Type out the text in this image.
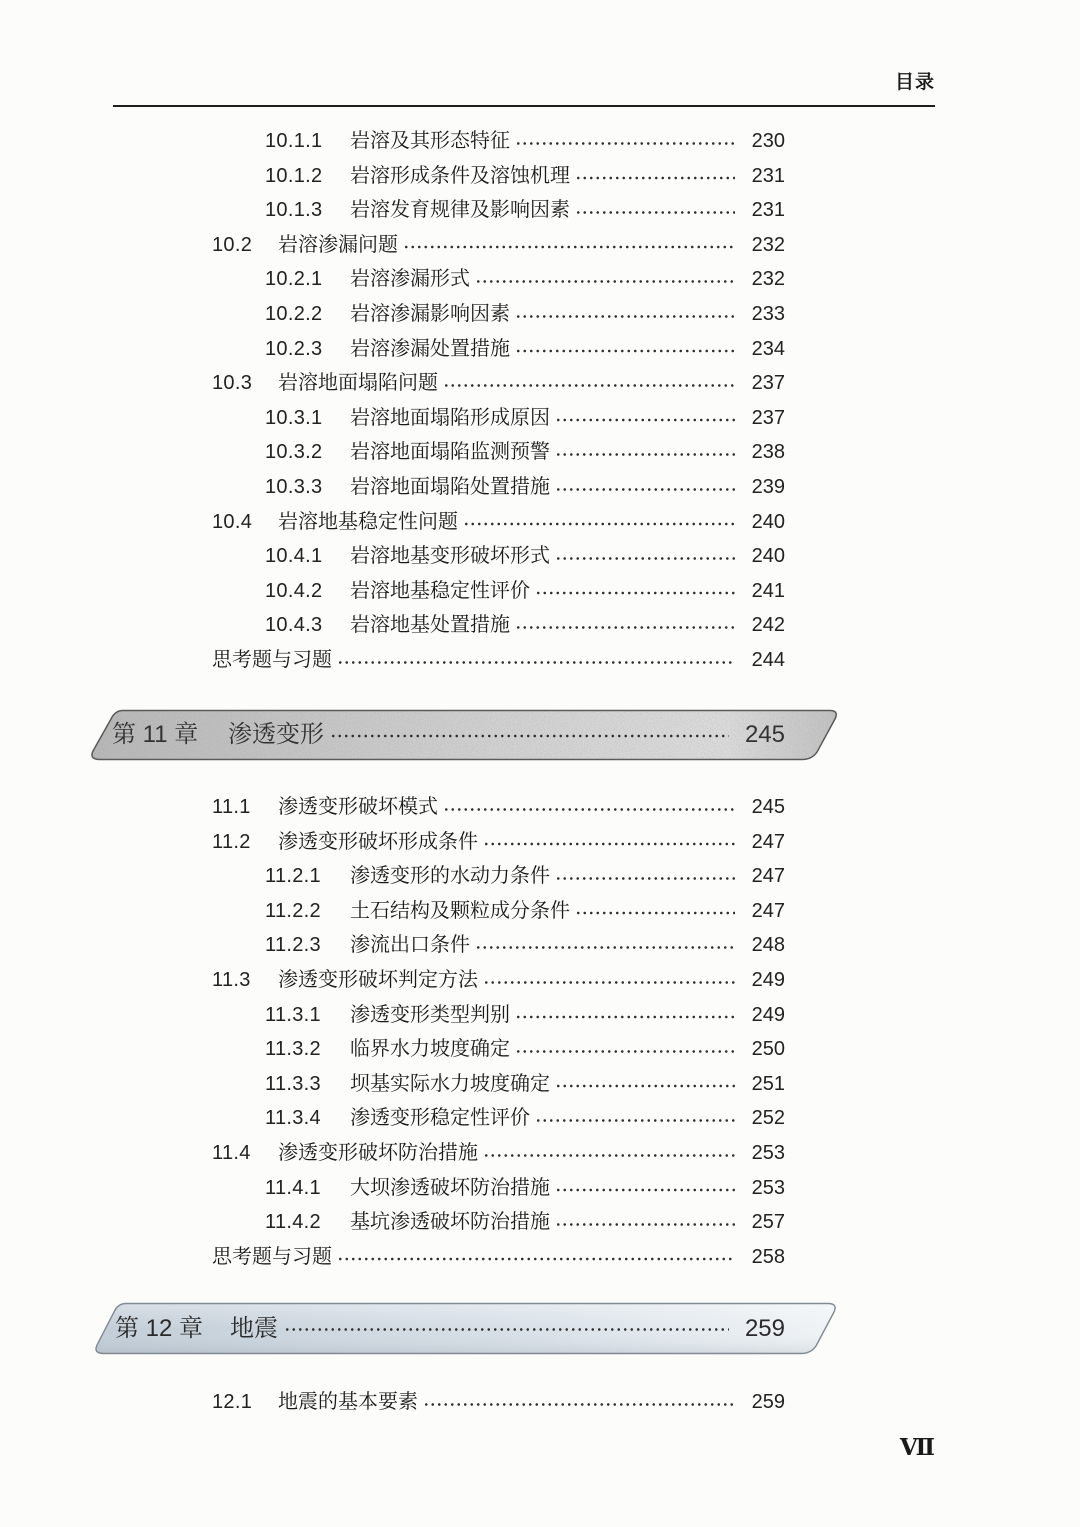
目录
10.1.1	岩溶及其形态特征	230
10.1.2	岩溶形成条件及溶蚀机理	231
10.1.3	岩溶发育规律及影响因素	231
10.2	岩溶渗漏问题	232
10.2.1	岩溶渗漏形式	232
10.2.2	岩溶渗漏影响因素	233
10.2.3	岩溶渗漏处置措施	234
10.3	岩溶地面塌陷问题	237
10.3.1	岩溶地面塌陷形成原因	237
10.3.2	岩溶地面塌陷监测预警	238
10.3.3	岩溶地面塌陷处置措施	239
10.4	岩溶地基稳定性问题	240
10.4.1	岩溶地基变形破坏形式	240
10.4.2	岩溶地基稳定性评价	241
10.4.3	岩溶地基处置措施	242
思考题与习题	244
第 11 章	渗透变形	245
11.1	渗透变形破坏模式	245
11.2	渗透变形破坏形成条件	247
11.2.1	渗透变形的水动力条件	247
11.2.2	土石结构及颗粒成分条件	247
11.2.3	渗流出口条件	248
11.3	渗透变形破坏判定方法	249
11.3.1	渗透变形类型判别	249
11.3.2	临界水力坡度确定	250
11.3.3	坝基实际水力坡度确定	251
11.3.4	渗透变形稳定性评价	252
11.4	渗透变形破坏防治措施	253
11.4.1	大坝渗透破坏防治措施	253
11.4.2	基坑渗透破坏防治措施	257
思考题与习题	258
第 12 章	地震	259
12.1	地震的基本要素	259
Ⅶ
